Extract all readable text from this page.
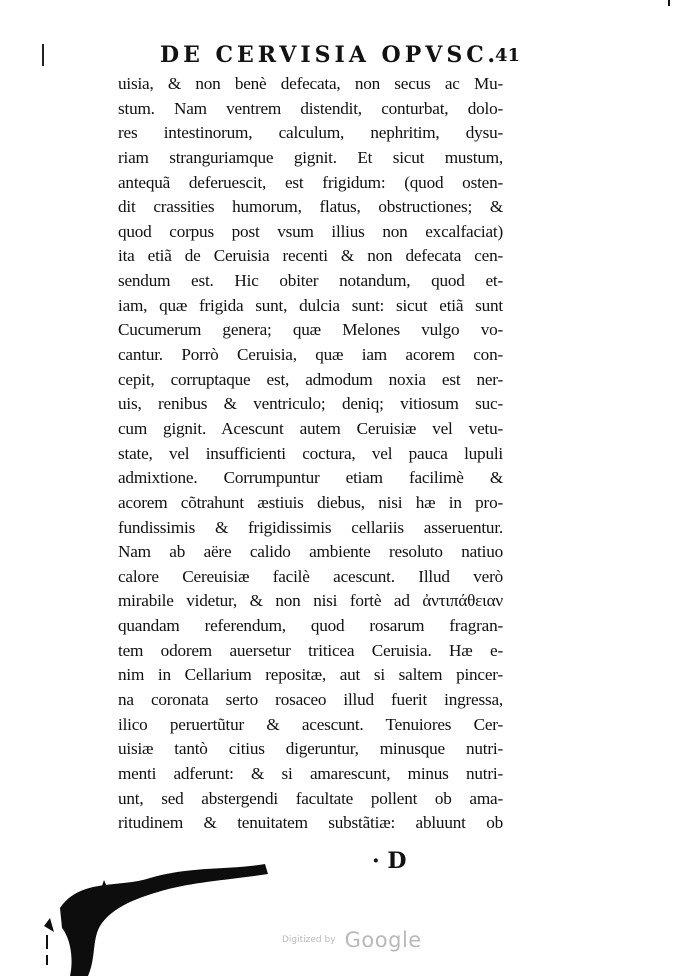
DE CERVISIA OPVSC.
41
uisia, & non benè defecata, non secus ac Mu-
stum. Nam ventrem distendit, conturbat, dolo-
res intestinorum, calculum, nephritim, dysu-
riam stranguriamque gignit. Et sicut mustum,
antequã deferuescit, est frigidum: (quod osten-
dit crassities humorum, flatus, obstructiones; &
quod corpus post vsum illius non excalfaciat)
ita etiã de Ceruisia recenti & non defecata cen-
sendum est. Hic obiter notandum, quod et-
iam, quæ frigida sunt, dulcia sunt: sicut etiã sunt
Cucumerum genera; quæ Melones vulgo vo-
cantur. Porrò Ceruisia, quæ iam acorem con-
cepit, corruptaque est, admodum noxia est ner-
uis, renibus & ventriculo; deniq; vitiosum suc-
cum gignit. Acescunt autem Ceruisiæ vel vetu-
state, vel insufficienti coctura, vel pauca lupuli
admixtione. Corrumpuntur etiam facilimè &
acorem cõtrahunt æstiuis diebus, nisi hæ in pro-
fundissimis & frigidissimis cellariis asseruentur.
Nam ab aëre calido ambiente resoluto natiuo
calore Cereuisiæ facilè acescunt. Illud verò
mirabile videtur, & non nisi fortè ad ἀντιπάθειαν
quandam referendum, quod rosarum fragran-
tem odorem auersetur triticea Ceruisia. Hæ e-
nim in Cellarium repositæ, aut si saltem pincer-
na coronata serto rosaceo illud fuerit ingressa,
ilico peruertũtur & acescunt. Tenuiores Cer-
uisiæ tantò citius digeruntur, minusque nutri-
menti adferunt: & si amarescunt, minus nutri-
unt, sed abstergendi facultate pollent ob ama-
ritudinem & tenuitatem substãtiæ: abluunt ob
· D
Digitized by Google
